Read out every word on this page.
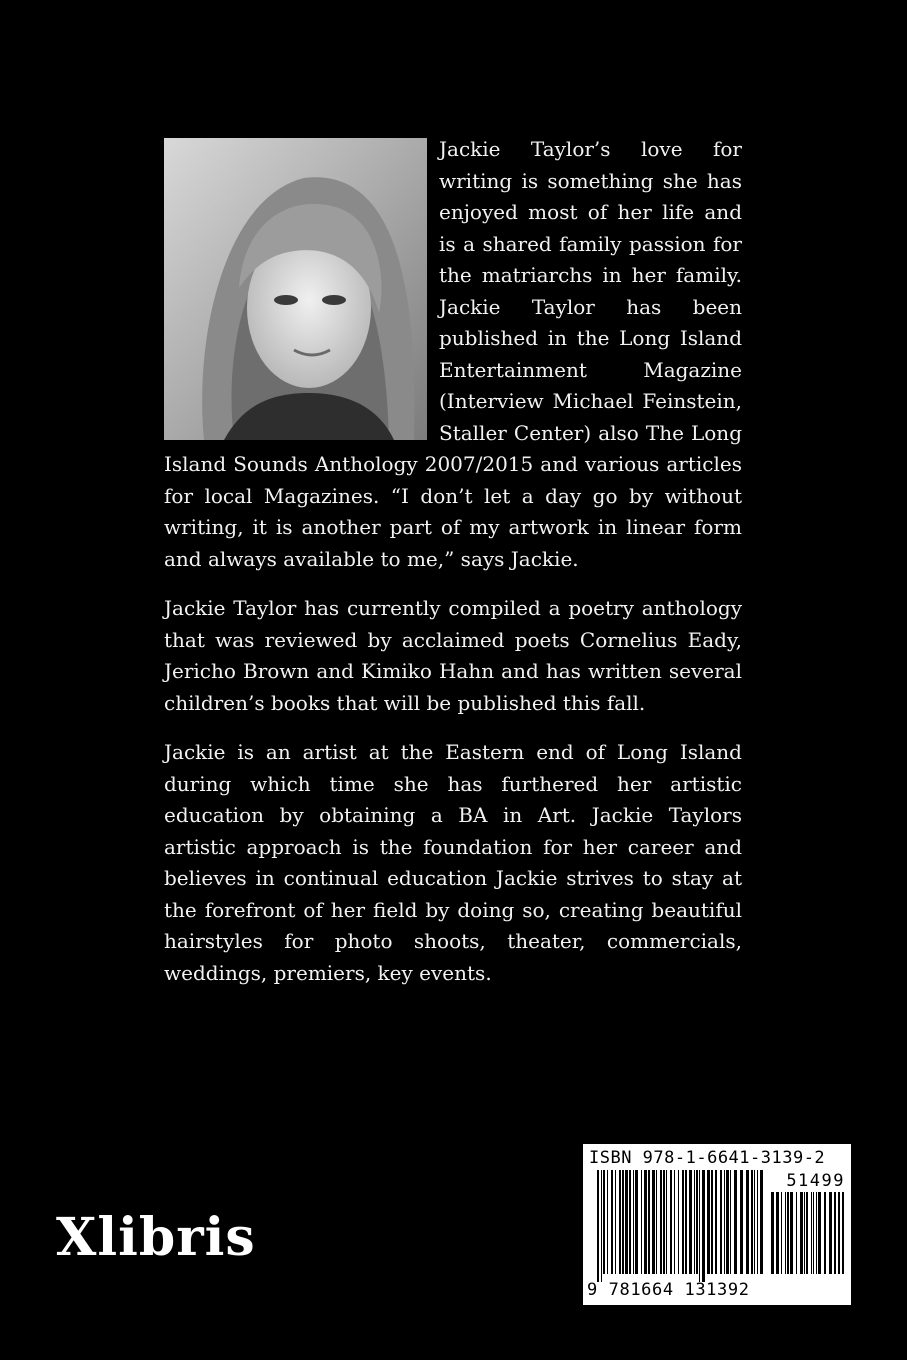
Jackie Taylor’s love for writing is something she has enjoyed most of her life and is a shared family passion for the matriarchs in her family. Jackie Taylor has been published in the Long Island Entertainment Magazine (Interview Michael Feinstein, Staller Center) also The Long Island Sounds Anthology 2007/2015 and various articles for local Magazines. “I don’t let a day go by without writing, it is another part of my artwork in linear form and always available to me,” says Jackie.

Jackie Taylor has currently compiled a poetry anthology that was reviewed by acclaimed poets Cornelius Eady, Jericho Brown and Kimiko Hahn and has written several children’s books that will be published this fall.

Jackie is an artist at the Eastern end of Long Island during which time she has furthered her artistic education by obtaining a BA in Art. Jackie Taylors artistic approach is the foundation for her career and believes in continual education Jackie strives to stay at the forefront of her field by doing so, creating beautiful hairstyles for photo shoots, theater, commercials, weddings, premiers, key events.

Xlibris
ISBN 978-1-6641-3139-2
51499
9 781664 131392
